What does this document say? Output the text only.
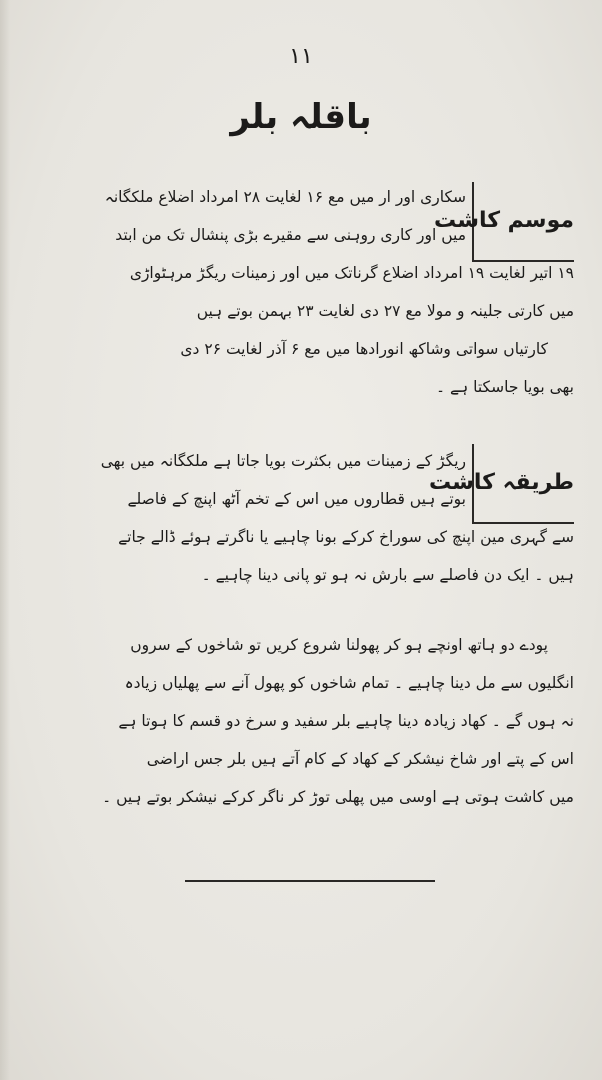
۱۱
باقلہ بلر
موسم کاشت
سکاری اور ار میں مع ۱۶ لغایت ۲۸ امرداد اضلاع ملکگانہ
میں اور کاری روہنی سے مقیرے بڑی پنشال تک من ابتد
۱۹ اتیر لغایت ۱۹ امرداد اضلاع گرناتک میں اور زمینات ریگڑ مرہٹواڑی
میں کارتی جلینہ و مولا مع ۲۷ دی لغایت ۲۳ بہمن بوتے ہیں
کارتیاں سواتی وشاکھ انورادھا میں مع ۶ آذر لغایت ۲۶ دی
بھی بویا جاسکتا ہے ۔
طریقہ کاشت
ریگڑ کے زمینات میں بکثرت بویا جاتا ہے ملکگانہ میں بھی
بوتے ہیں قطاروں میں اس کے تخم آٹھ اپنچ کے فاصلے
سے گہری مین اپنچ کی سوراخ کرکے بونا چاہیے یا ناگرتے ہوئے ڈالے جاتے
ہیں ۔ ایک دن فاصلے سے بارش نہ ہو تو پانی دینا چاہیے ۔
پودے دو ہاتھ اونچے ہو کر پھولنا شروع کریں تو شاخوں کے سروں
انگلیوں سے مل دینا چاہیے ۔ تمام شاخوں کو پھول آنے سے پھلیاں زیادہ
نہ ہوں گے ۔ کھاد زیادہ دینا چاہیے بلر سفید و سرخ دو قسم کا ہوتا ہے
اس کے پتے اور شاخ نیشکر کے کھاد کے کام آتے ہیں بلر جس اراضی
میں کاشت ہوتی ہے اوسی میں پھلی توڑ کر ناگر کرکے نیشکر بوتے ہیں ۔
